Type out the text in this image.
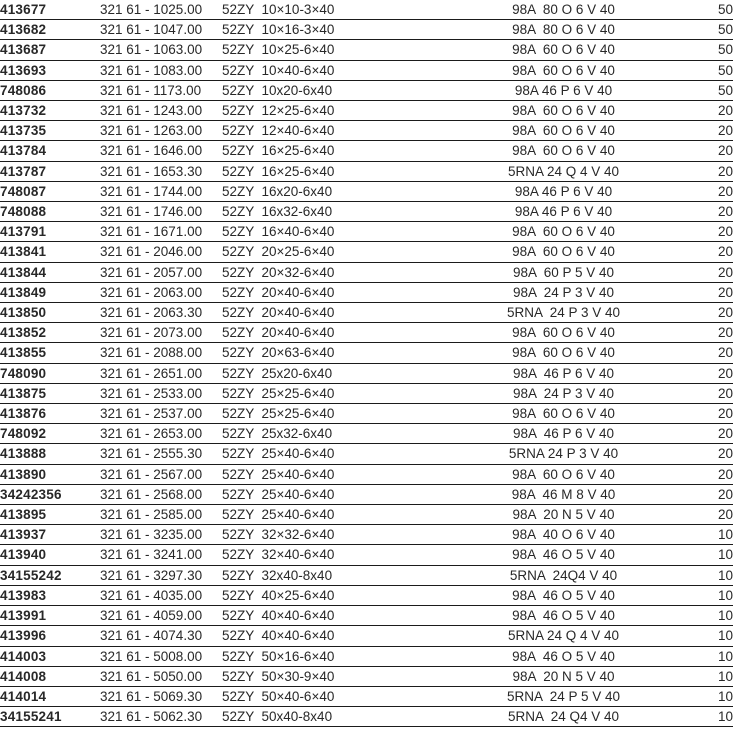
413677	321 61 - 1025.00	52ZY  10×10-3×40	98A  80 O 6 V 40	50
413682	321 61 - 1047.00	52ZY  10×16-3×40	98A  80 O 6 V 40	50
413687	321 61 - 1063.00	52ZY  10×25-6×40	98A  60 O 6 V 40	50
413693	321 61 - 1083.00	52ZY  10×40-6×40	98A  60 O 6 V 40	50
748086	321 61 - 1173.00	52ZY  10x20-6x40	98A 46 P 6 V 40	50
413732	321 61 - 1243.00	52ZY  12×25-6×40	98A  60 O 6 V 40	20
413735	321 61 - 1263.00	52ZY  12×40-6×40	98A  60 O 6 V 40	20
413784	321 61 - 1646.00	52ZY  16×25-6×40	98A  60 O 6 V 40	20
413787	321 61 - 1653.30	52ZY  16×25-6×40	5RNA 24 Q 4 V 40	20
748087	321 61 - 1744.00	52ZY  16x20-6x40	98A 46 P 6 V 40	20
748088	321 61 - 1746.00	52ZY  16x32-6x40	98A 46 P 6 V 40	20
413791	321 61 - 1671.00	52ZY  16×40-6×40	98A  60 O 6 V 40	20
413841	321 61 - 2046.00	52ZY  20×25-6×40	98A  60 O 6 V 40	20
413844	321 61 - 2057.00	52ZY  20×32-6×40	98A  60 P 5 V 40	20
413849	321 61 - 2063.00	52ZY  20×40-6×40	98A  24 P 3 V 40	20
413850	321 61 - 2063.30	52ZY  20×40-6×40	5RNA  24 P 3 V 40	20
413852	321 61 - 2073.00	52ZY  20×40-6×40	98A  60 O 6 V 40	20
413855	321 61 - 2088.00	52ZY  20×63-6×40	98A  60 O 6 V 40	20
748090	321 61 - 2651.00	52ZY  25x20-6x40	98A  46 P 6 V 40	20
413875	321 61 - 2533.00	52ZY  25×25-6×40	98A  24 P 3 V 40	20
413876	321 61 - 2537.00	52ZY  25×25-6×40	98A  60 O 6 V 40	20
748092	321 61 - 2653.00	52ZY  25x32-6x40	98A  46 P 6 V 40	20
413888	321 61 - 2555.30	52ZY  25×40-6×40	5RNA 24 P 3 V 40	20
413890	321 61 - 2567.00	52ZY  25×40-6×40	98A  60 O 6 V 40	20
34242356	321 61 - 2568.00	52ZY  25×40-6×40	98A  46 M 8 V 40	20
413895	321 61 - 2585.00	52ZY  25×40-6×40	98A  20 N 5 V 40	20
413937	321 61 - 3235.00	52ZY  32×32-6×40	98A  40 O 6 V 40	10
413940	321 61 - 3241.00	52ZY  32×40-6×40	98A  46 O 5 V 40	10
34155242	321 61 - 3297.30	52ZY  32x40-8x40	5RNA  24Q4 V 40	10
413983	321 61 - 4035.00	52ZY  40×25-6×40	98A  46 O 5 V 40	10
413991	321 61 - 4059.00	52ZY  40×40-6×40	98A  46 O 5 V 40	10
413996	321 61 - 4074.30	52ZY  40×40-6×40	5RNA 24 Q 4 V 40	10
414003	321 61 - 5008.00	52ZY  50×16-6×40	98A  46 O 5 V 40	10
414008	321 61 - 5050.00	52ZY  50×30-9×40	98A  20 N 5 V 40	10
414014	321 61 - 5069.30	52ZY  50×40-6×40	5RNA  24 P 5 V 40	10
34155241	321 61 - 5062.30	52ZY  50x40-8x40	5RNA  24 Q4 V 40	10
